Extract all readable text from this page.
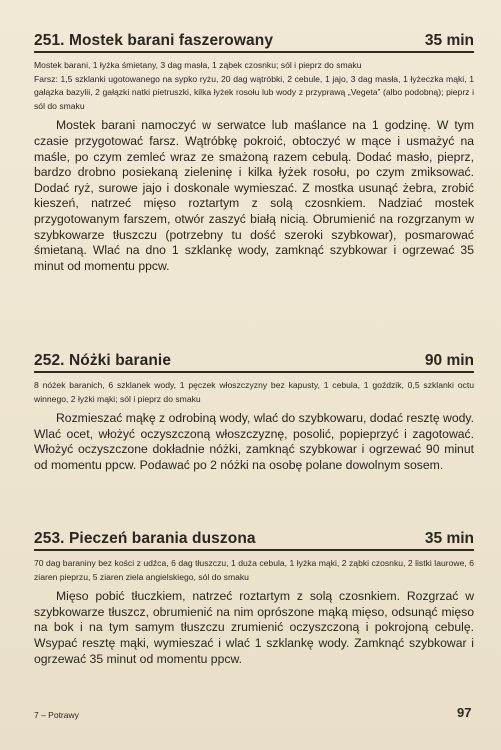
251. Mostek barani faszerowany	35 min

Mostek barani, 1 łyżka śmietany, 3 dag masła, 1 ząbek czosnku; sól i pieprz do smaku

Farsz: 1,5 szklanki ugotowanego na sypko ryżu, 20 dag wątróbki, 2 cebule, 1 jajo, 3 dag masła, 1 łyżeczka mąki, 1 gałązka bazylii, 2 gałązki natki pietruszki, kilka łyżek rosołu lub wody z przyprawą „Vegeta” (albo podobną); pieprz i sól do smaku

Mostek barani namoczyć w serwatce lub maślance na 1 godzinę. W tym czasie przygotować farsz. Wątróbkę pokroić, obtoczyć w mące i usmażyć na maśle, po czym zemleć wraz ze smażoną razem cebulą. Dodać masło, pieprz, bardzo drobno posiekaną zieleninę i kilka łyżek rosołu, po czym zmiksować. Dodać ryż, surowe jajo i doskonale wymieszać. Z mostka usunąć żebra, zrobić kieszeń, natrzeć mięso roztartym z solą czosnkiem. Nadziać mostek przygotowanym farszem, otwór zaszyć białą nicią. Obrumienić na rozgrzanym w szybkowarze tłuszczu (potrzebny tu dość szeroki szybkowar), posmarować śmietaną. Wlać na dno 1 szklankę wody, zamknąć szybkowar i ogrzewać 35 minut od momentu ppcw.

252. Nóżki baranie	90 min

8 nóżek baranich, 6 szklanek wody, 1 pęczek włoszczyzny bez kapusty, 1 cebula, 1 goździk, 0,5 szklanki octu winnego, 2 łyżki mąki; sól i pieprz do smaku

Rozmieszać mąkę z odrobiną wody, wlać do szybkowaru, dodać resztę wody. Wlać ocet, włożyć oczyszczoną włoszczyznę, posolić, popieprzyć i zagotować. Włożyć oczyszczone dokładnie nóżki, zamknąć szybkowar i ogrzewać 90 minut od momentu ppcw. Podawać po 2 nóżki na osobę polane dowolnym sosem.

253. Pieczeń barania duszona	35 min

70 dag baraniny bez kości z udźca, 6 dag tłuszczu, 1 duża cebula, 1 łyżka mąki, 2 ząbki czosnku, 2 listki laurowe, 6 ziaren pieprzu, 5 ziaren ziela angielskiego, sól do smaku

Mięso pobić tłuczkiem, natrzeć roztartym z solą czosnkiem. Rozgrzać w szybkowarze tłuszcz, obrumienić na nim oprószone mąką mięso, odsunąć mięso na bok i na tym samym tłuszczu zrumienić oczyszczoną i pokrojoną cebulę. Wsypać resztę mąki, wymieszać i wlać 1 szklankę wody. Zamknąć szybkowar i ogrzewać 35 minut od momentu ppcw.

7 – Potrawy	97
